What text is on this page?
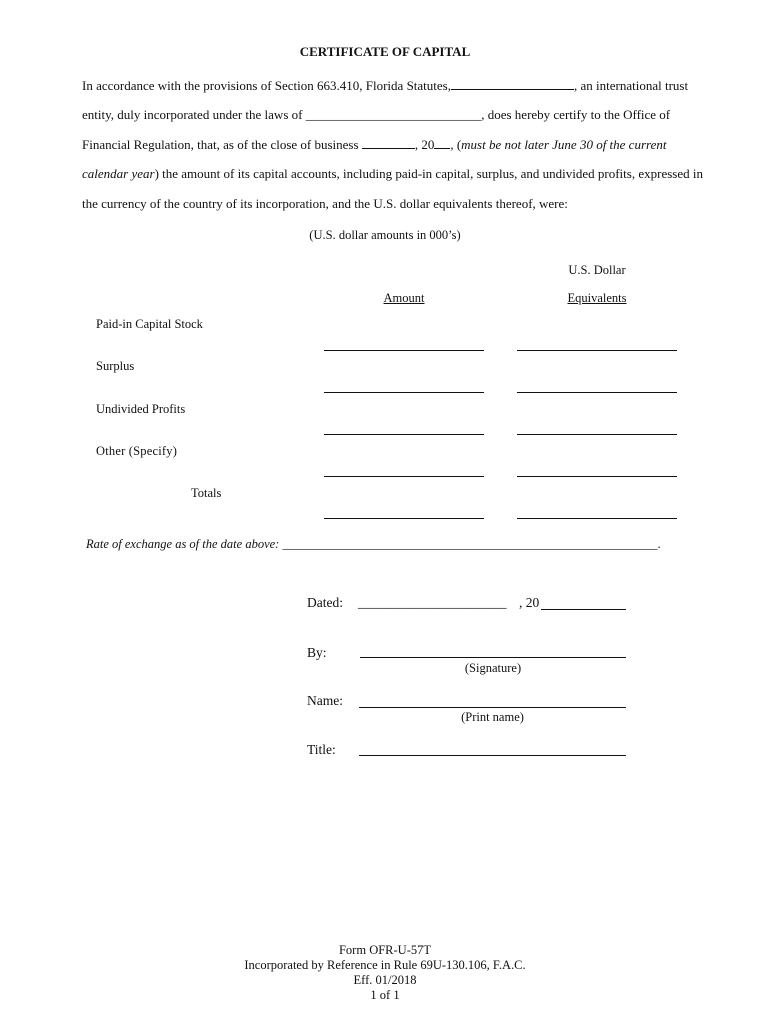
CERTIFICATE OF CAPITAL
In accordance with the provisions of Section 663.410, Florida Statutes,	, an international trust
entity, duly incorporated under the laws of ___________________________, does hereby certify to the Office of
Financial Regulation, that, as of the close of business	, 20 , (must be not later June 30 of the current
calendar year) the amount of its capital accounts, including paid-in capital, surplus, and undivided profits, expressed in
the currency of the country of its incorporation, and the U.S. dollar equivalents thereof, were:
(U.S. dollar amounts in 000’s)
U.S. Dollar
Amount	Equivalents
Paid-in Capital Stock
Surplus
Undivided Profits
Other (Specify)
Totals
Rate of exchange as of the date above: ____________________________________________________________.
Dated: ______________________ , 20
By:
(Signature)
Name:
(Print name)
Title:
Form OFR-U-57T
Incorporated by Reference in Rule 69U-130.106, F.A.C.
Eff. 01/2018
1 of 1
